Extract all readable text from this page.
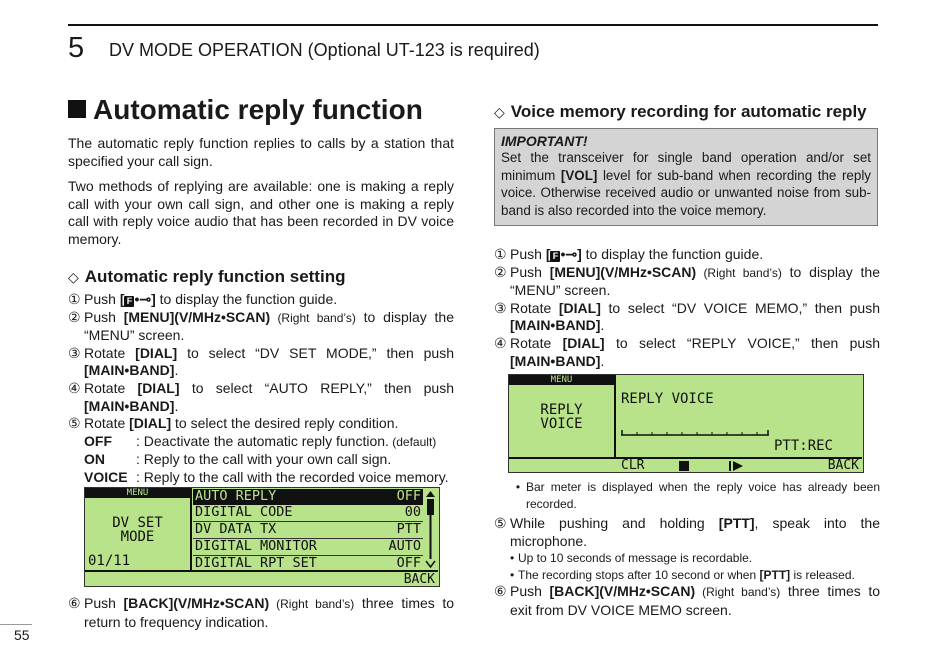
5 DV MODE OPERATION (Optional UT-123 is required)
Automatic reply function

The automatic reply function replies to calls by a station that specified your call sign.

Two methods of replying are available: one is making a reply call with your own call sign, and other one is making a reply call with reply voice audio that has been recorded in DV voice memory.

◇ Automatic reply function setting
① Push [ F •⊸] to display the function guide.
② Push [MENU](V/MHz•SCAN) (Right band’s) to display the “MENU” screen.
③ Rotate [DIAL] to select “DV SET MODE,” then push [MAIN•BAND].
④ Rotate [DIAL] to select “AUTO REPLY,” then push [MAIN•BAND].
⑤ Rotate [DIAL] to select the desired reply condition.
OFF	: Deactivate the automatic reply function. (default)
ON	: Reply to the call with your own call sign.
VOICE : Reply to the call with the recorded voice memory.
MENU
DV SET
MODE
01/11
AUTO REPLY	OFF
DIGITAL CODE	00
DV DATA TX	PTT
DIGITAL MONITOR	AUTO
DIGITAL RPT SET	OFF
BACK
⑥ Push [BACK](V/MHz•SCAN) (Right band’s) three times to return to frequency indication.
◇ Voice memory recording for automatic reply
IMPORTANT!
Set the transceiver for single band operation and/or set minimum [VOL] level for sub-band when recording the reply voice. Otherwise received audio or unwanted noise from sub-band is also recorded into the voice memory.
① Push [ F •⊸] to display the function guide.
② Push [MENU](V/MHz•SCAN) (Right band’s) to display the “MENU” screen.
③ Rotate [DIAL] to select “DV VOICE MEMO,” then push [MAIN•BAND].
④ Rotate [DIAL] to select “REPLY VOICE,” then push [MAIN•BAND].
MENU
REPLY
VOICE
REPLY VOICE
PTT:REC
CLR	BACK
• Bar meter is displayed when the reply voice has already been recorded.
⑤ While pushing and holding [PTT], speak into the microphone.
• Up to 10 seconds of message is recordable.
• The recording stops after 10 second or when [PTT] is released.
⑥ Push [BACK](V/MHz•SCAN) (Right band’s) three times to exit from DV VOICE MEMO screen.
55
